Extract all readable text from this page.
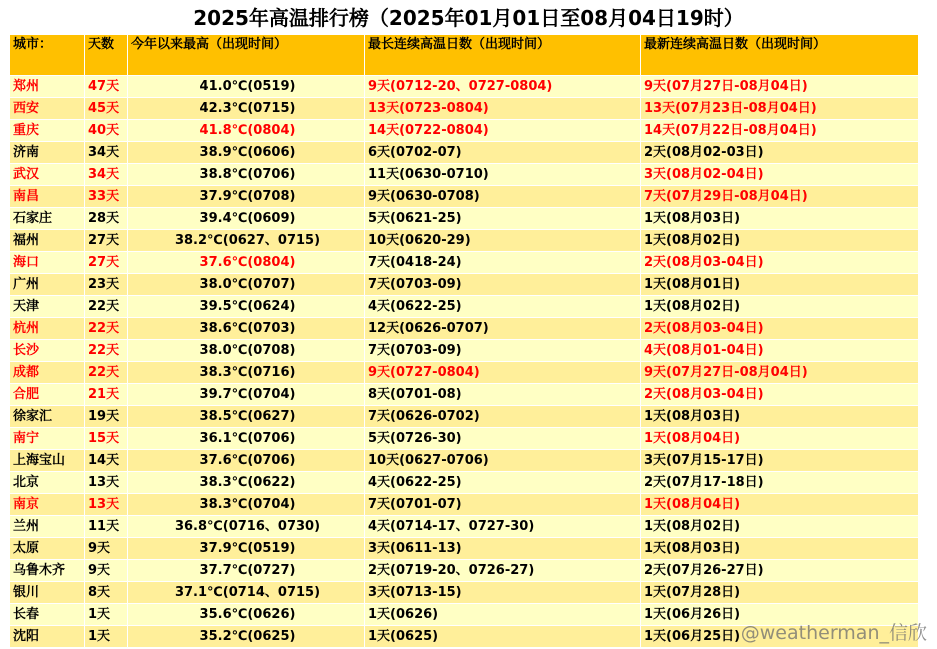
2025年高温排行榜（2025年01月01日至08月04日19时）
城市：	天数	今年以来最高（出现时间）	最长连续高温日数（出现时间）	最新连续高温日数（出现时间）
郑州	47天	41.0℃(0519)	9天(0712-20、0727-0804)	9天(07月27日-08月04日)
西安	45天	42.3℃(0715)	13天(0723-0804)	13天(07月23日-08月04日)
重庆	40天	41.8℃(0804)	14天(0722-0804)	14天(07月22日-08月04日)
济南	34天	38.9℃(0606)	6天(0702-07)	2天(08月02-03日)
武汉	34天	38.8℃(0706)	11天(0630-0710)	3天(08月02-04日)
南昌	33天	37.9℃(0708)	9天(0630-0708)	7天(07月29日-08月04日)
石家庄	28天	39.4℃(0609)	5天(0621-25)	1天(08月03日)
福州	27天	38.2℃(0627、0715)	10天(0620-29)	1天(08月02日)
海口	27天	37.6℃(0804)	7天(0418-24)	2天(08月03-04日)
广州	23天	38.0℃(0707)	7天(0703-09)	1天(08月01日)
天津	22天	39.5℃(0624)	4天(0622-25)	1天(08月02日)
杭州	22天	38.6℃(0703)	12天(0626-0707)	2天(08月03-04日)
长沙	22天	38.0℃(0708)	7天(0703-09)	4天(08月01-04日)
成都	22天	38.3℃(0716)	9天(0727-0804)	9天(07月27日-08月04日)
合肥	21天	39.7℃(0704)	8天(0701-08)	2天(08月03-04日)
徐家汇	19天	38.5℃(0627)	7天(0626-0702)	1天(08月03日)
南宁	15天	36.1℃(0706)	5天(0726-30)	1天(08月04日)
上海宝山	14天	37.6℃(0706)	10天(0627-0706)	3天(07月15-17日)
北京	13天	38.3℃(0622)	4天(0622-25)	2天(07月17-18日)
南京	13天	38.3℃(0704)	7天(0701-07)	1天(08月04日)
兰州	11天	36.8℃(0716、0730)	4天(0714-17、0727-30)	1天(08月02日)
太原	9天	37.9℃(0519)	3天(0611-13)	1天(08月03日)
乌鲁木齐	9天	37.7℃(0727)	2天(0719-20、0726-27)	2天(07月26-27日)
银川	8天	37.1℃(0714、0715)	3天(0713-15)	1天(07月28日)
长春	1天	35.6℃(0626)	1天(0626)	1天(06月26日)
沈阳	1天	35.2℃(0625)	1天(0625)	1天(06月25日) @weatherman_信欣
